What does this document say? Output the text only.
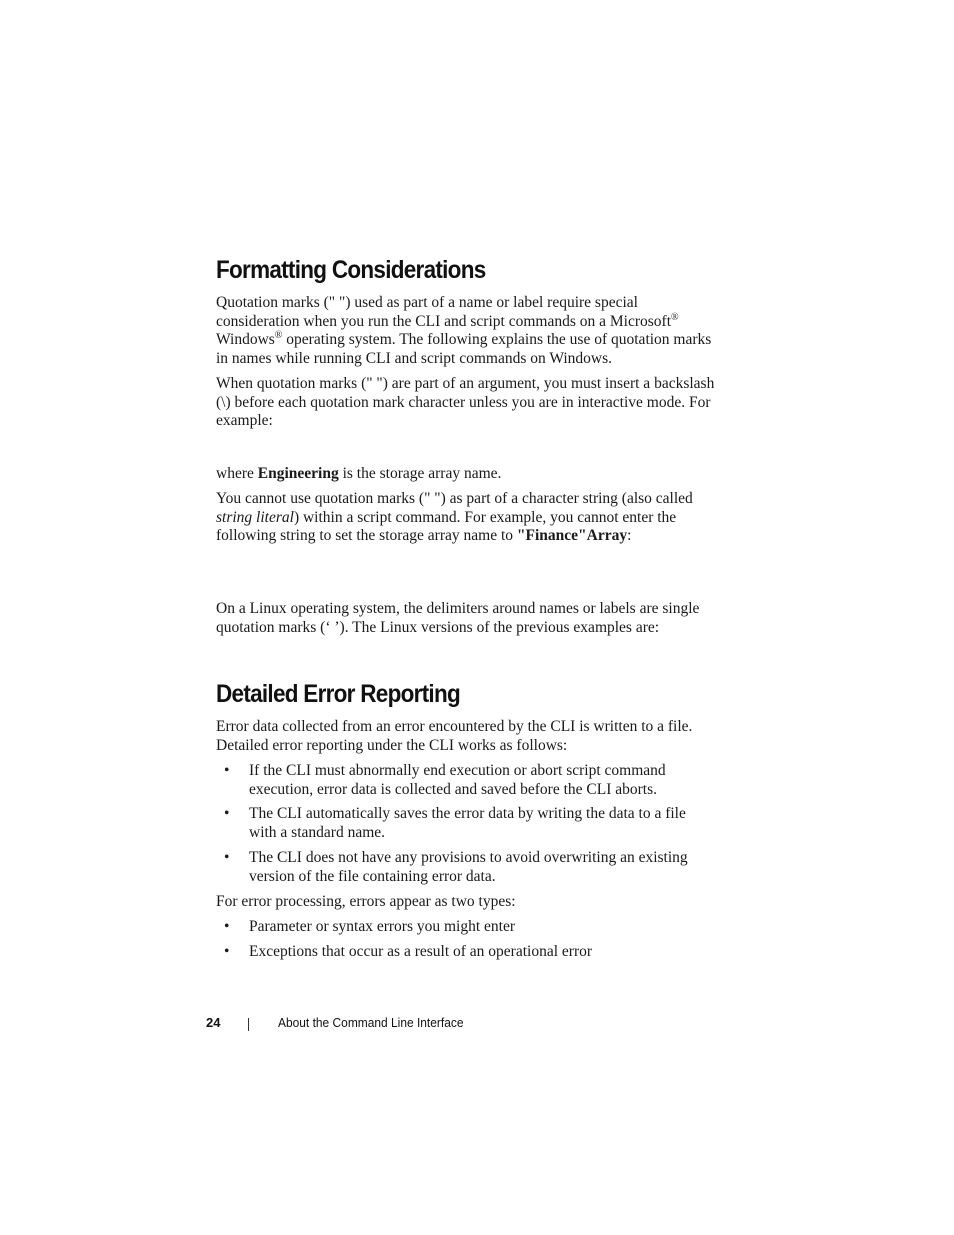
Formatting Considerations

Quotation marks (" ") used as part of a name or label require special consideration when you run the CLI and script commands on a Microsoft® Windows® operating system. The following explains the use of quotation marks in names while running CLI and script commands on Windows.

When quotation marks (" ") are part of an argument, you must insert a backslash (\) before each quotation mark character unless you are in interactive mode. For example:

where Engineering is the storage array name.

You cannot use quotation marks (" ") as part of a character string (also called string literal) within a script command. For example, you cannot enter the following string to set the storage array name to "Finance"Array:

On a Linux operating system, the delimiters around names or labels are single quotation marks (‘ ’). The Linux versions of the previous examples are:

Detailed Error Reporting

Error data collected from an error encountered by the CLI is written to a file. Detailed error reporting under the CLI works as follows:

• If the CLI must abnormally end execution or abort script command execution, error data is collected and saved before the CLI aborts.
• The CLI automatically saves the error data by writing the data to a file with a standard name.
• The CLI does not have any provisions to avoid overwriting an existing version of the file containing error data.

For error processing, errors appear as two types:

• Parameter or syntax errors you might enter
• Exceptions that occur as a result of an operational error
24	About the Command Line Interface
